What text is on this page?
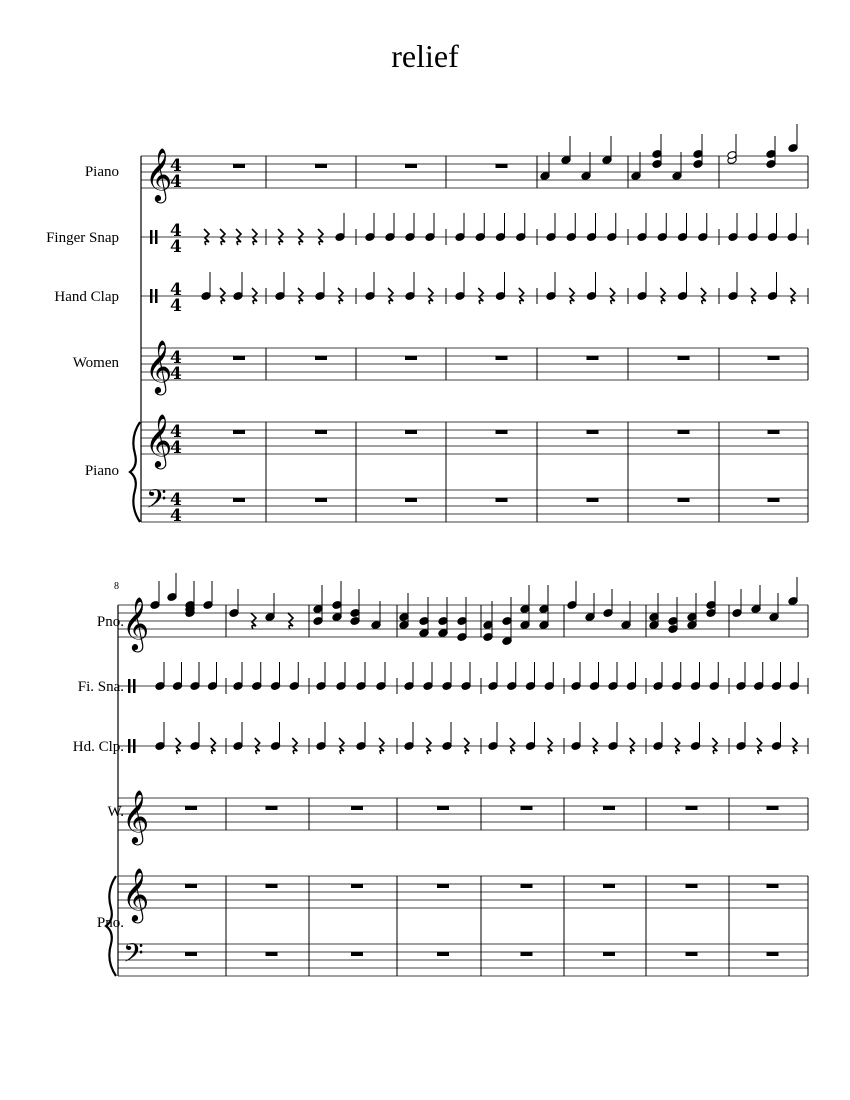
relief
Piano
Finger Snap
Hand Clap
Women
Piano
Pno.
Fi. Sna.
Hd. Clp.
W.
Pno.
8
𝄞
𝄞
𝄞
𝄢
4
4
4
4
4
4
4
4
4
4
4
4
𝄞
𝄞
𝄞
𝄢
